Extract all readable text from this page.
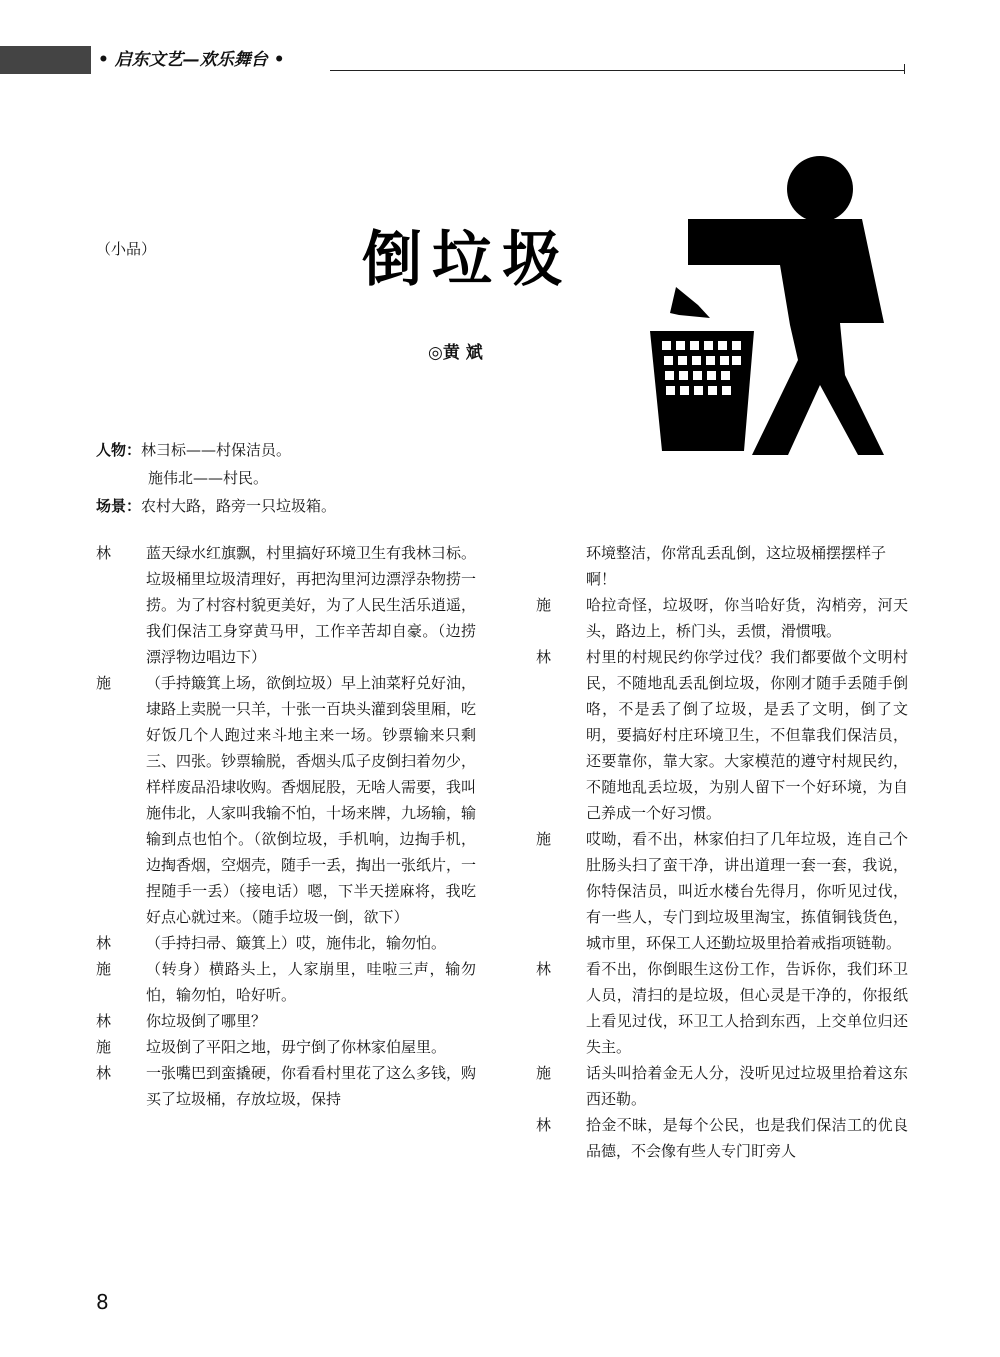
• 启东文艺—欢乐舞台 •
（小品）	倒垃圾
◎黄 斌
人物：林彐标——村保洁员。
施伟北——村民。
场景：农村大路，路旁一只垃圾箱。
林	蓝天绿水红旗飘，村里搞好环境卫生有我林彐标。垃圾桶里垃圾清理好，再把沟里河边漂浮杂物捞一捞。为了村容村貌更美好，为了人民生活乐逍遥，我们保洁工身穿黄马甲，工作辛苦却自豪。（边捞漂浮物边唱边下）
施	（手持簸箕上场，欲倒垃圾）早上油菜籽兑好油，埭路上卖脱一只羊，十张一百块头灌到袋里厢，吃好饭几个人跑过来斗地主来一场。钞票输来只剩三、四张。钞票输脱，香烟头瓜子皮倒扫着勿少，样样废品沿埭收购。香烟屁股，无啥人需要，我叫施伟北，人家叫我输不怕，十场来牌，九场输，输输到点也怕个。（欲倒垃圾，手机响，边掏手机，边掏香烟，空烟壳，随手一丢，掏出一张纸片，一捏随手一丢）（接电话）嗯，下半天搓麻将，我吃好点心就过来。（随手垃圾一倒，欲下）
林	（手持扫帚、簸箕上）哎，施伟北，输勿怕。
施	（转身）横路头上，人家崩里，哇啦三声，输勿怕，输勿怕，哈好听。
林	你垃圾倒了哪里？
施	垃圾倒了平阳之地，毋宁倒了你林家伯屋里。
林	一张嘴巴到蛮撬硬，你看看村里花了这么多钱，购买了垃圾桶，存放垃圾，保持
环境整洁，你常乱丢乱倒，这垃圾桶摆摆样子啊！
施	哈拉奇怪，垃圾呀，你当哈好货，沟梢旁，河天头，路边上，桥门头，丢惯，滑惯哦。
林	村里的村规民约你学过伐？我们都要做个文明村民，不随地乱丢乱倒垃圾，你刚才随手丢随手倒咯，不是丢了倒了垃圾，是丢了文明，倒了文明，要搞好村庄环境卫生，不但靠我们保洁员，还要靠你，靠大家。大家模范的遵守村规民约，不随地乱丢垃圾，为别人留下一个好环境，为自己养成一个好习惯。
施	哎呦，看不出，林家伯扫了几年垃圾，连自己个肚肠头扫了蛮干净，讲出道理一套一套，我说，你特保洁员，叫近水楼台先得月，你听见过伐，有一些人，专门到垃圾里淘宝，拣值铜钱货色，城市里，环保工人还勤垃圾里拾着戒指项链勒。
林	看不出，你倒眼生这份工作，告诉你，我们环卫人员，清扫的是垃圾，但心灵是干净的，你报纸上看见过伐，环卫工人拾到东西，上交单位归还失主。
施	话头叫拾着金无人分，没听见过垃圾里拾着这东西还勒。
林	拾金不昧，是每个公民，也是我们保洁工的优良品德，不会像有些人专门盯旁人
8
